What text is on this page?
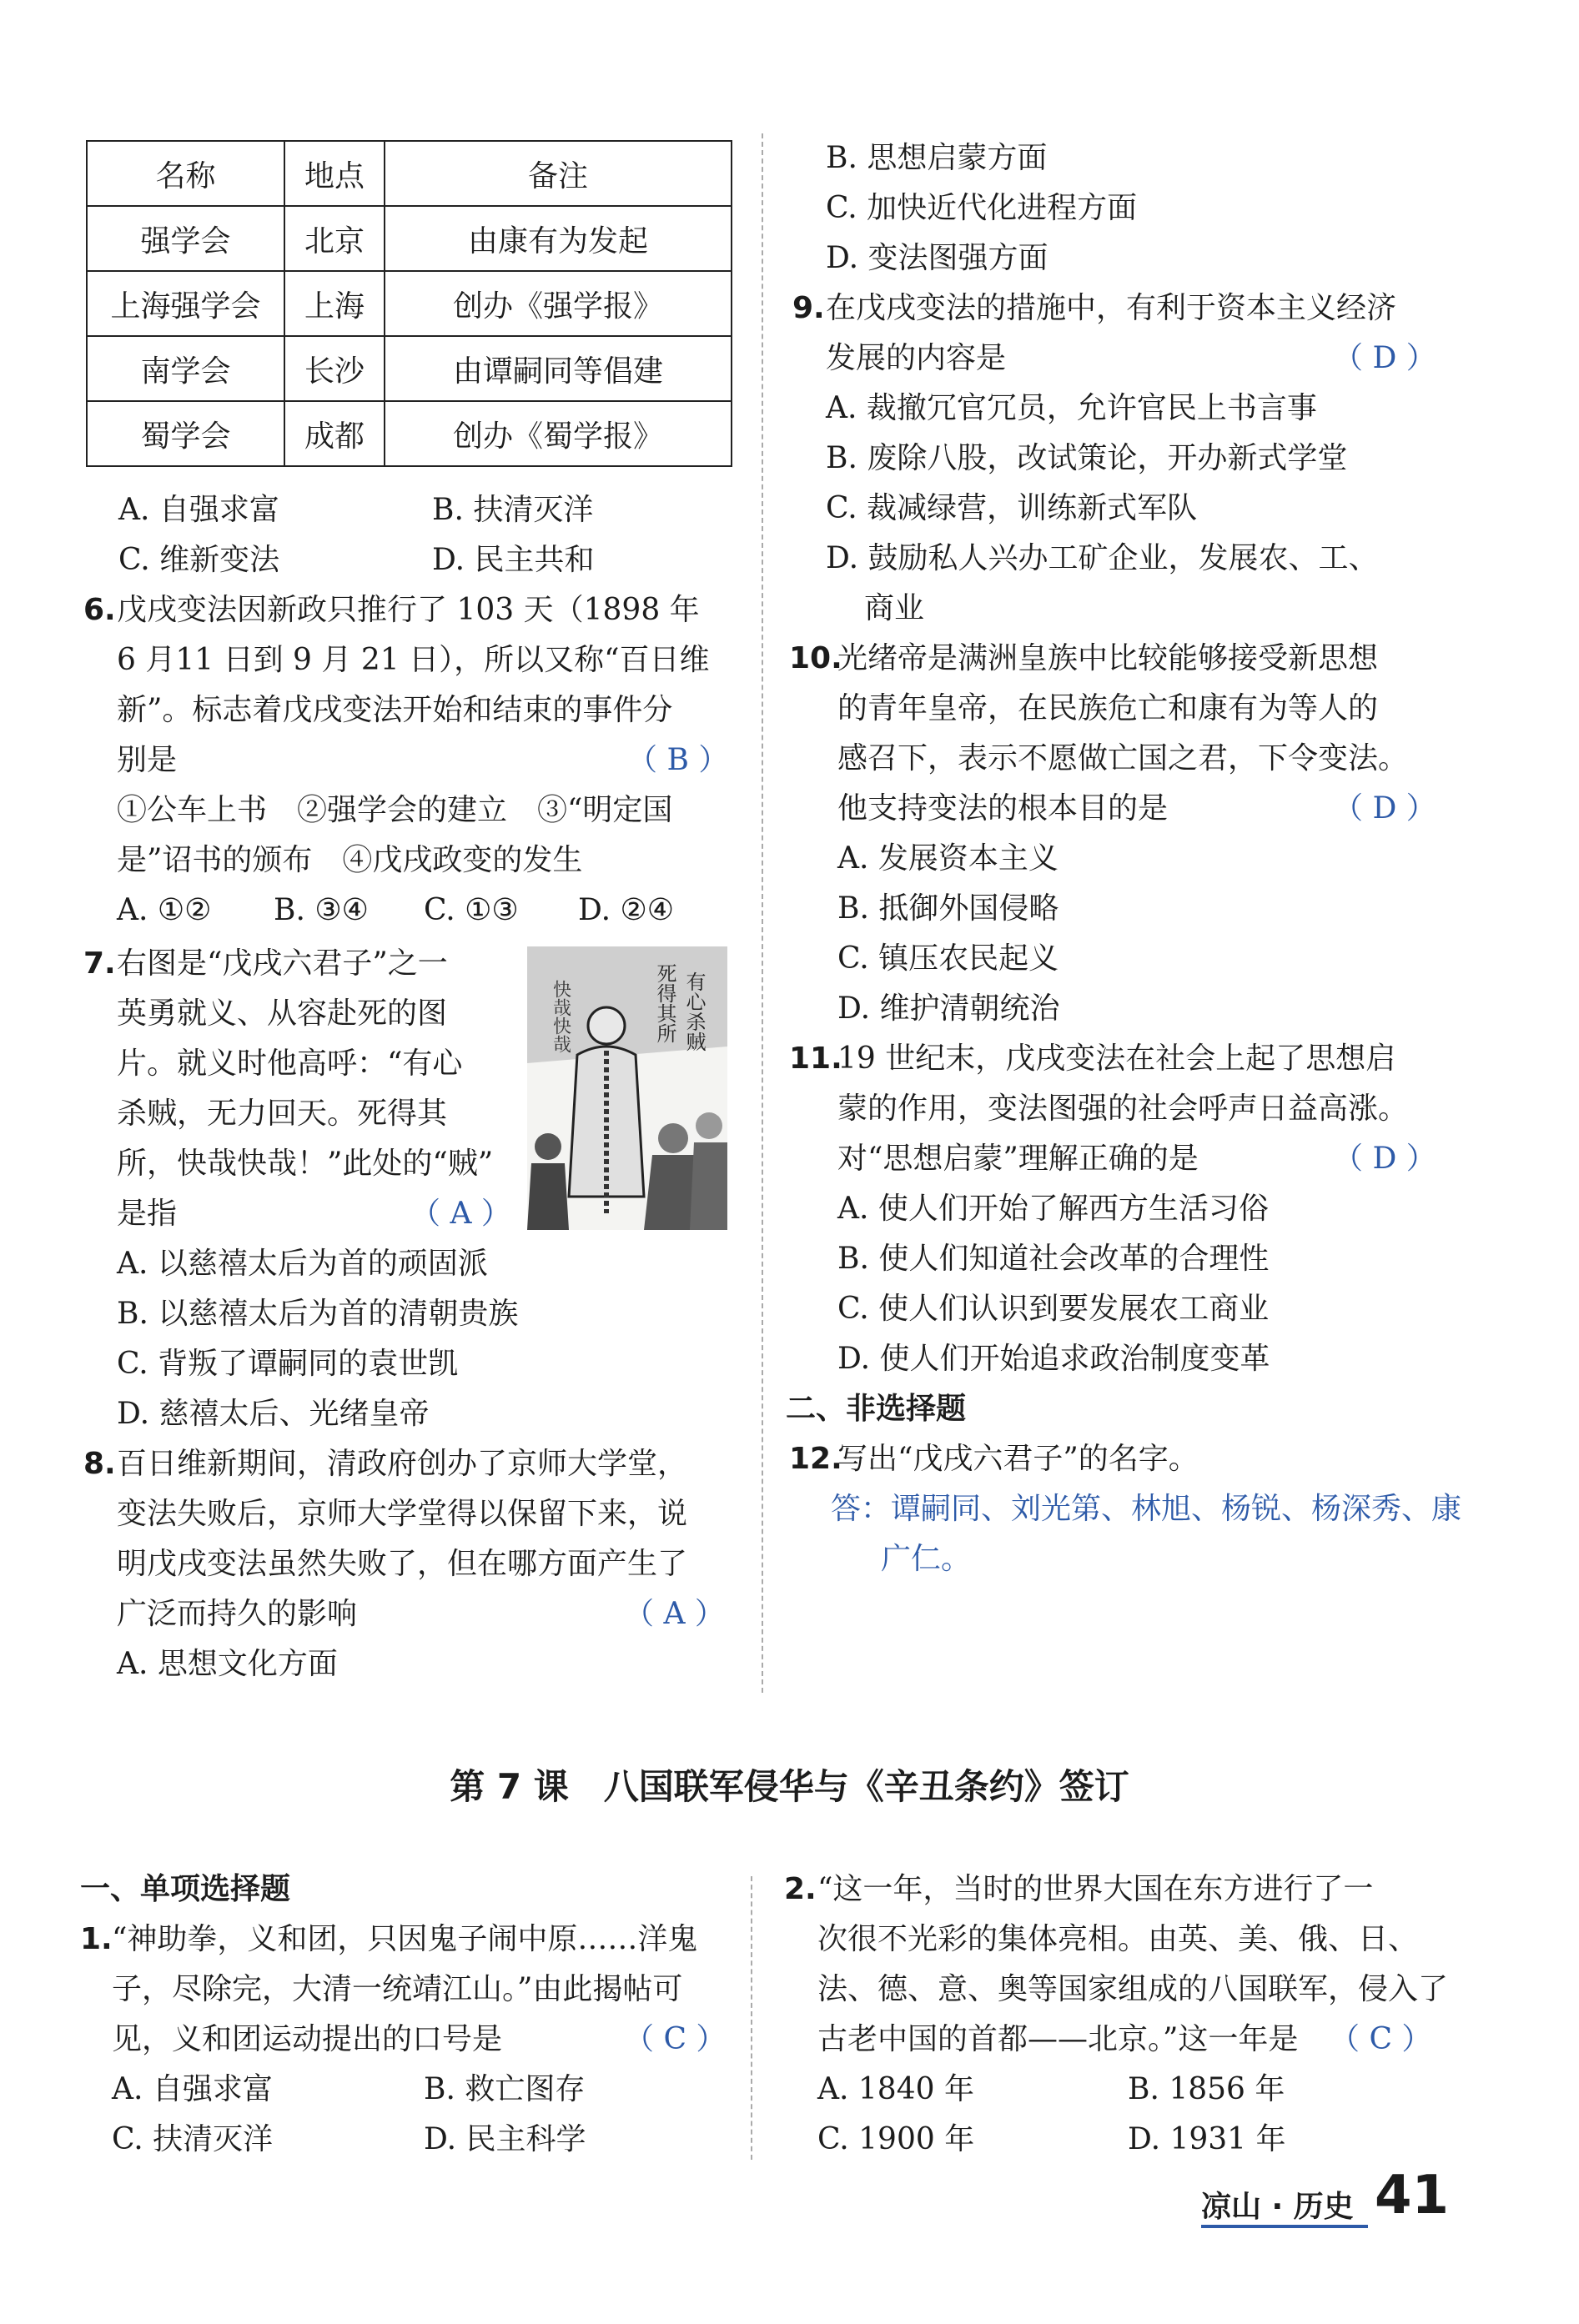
名称	地点	备注
强学会	北京	由康有为发起
上海强学会	上海	创办《强学报》
南学会	长沙	由谭嗣同等倡建
蜀学会	成都	创办《蜀学报》
A. 自强求富	B. 扶清灭洋
C. 维新变法	D. 民主共和
6. 戊戌变法因新政只推行了 103 天（1898 年
6 月11 日到 9 月 21 日），所以又称“百日维
新”。标志着戊戌变法开始和结束的事件分
别是	（ B ）
①公车上书　②强学会的建立　③“明定国
是”诏书的颁布　④戊戌政变的发生
A. ①② B. ③④ C. ①③ D. ②④
7. 右图是“戊戌六君子”之一
英勇就义、从容赴死的图
片。就义时他高呼：“有心
杀贼，无力回天。死得其
所，快哉快哉！”此处的“贼”
是指	（ A ）
有心杀贼
死得其所
快哉快哉
A. 以慈禧太后为首的顽固派
B. 以慈禧太后为首的清朝贵族
C. 背叛了谭嗣同的袁世凯
D. 慈禧太后、光绪皇帝
8. 百日维新期间，清政府创办了京师大学堂，
变法失败后，京师大学堂得以保留下来，说
明戊戌变法虽然失败了，但在哪方面产生了
广泛而持久的影响	（ A ）
A. 思想文化方面
B. 思想启蒙方面
C. 加快近代化进程方面
D. 变法图强方面
9. 在戊戌变法的措施中，有利于资本主义经济
发展的内容是	（ D ）
A. 裁撤冗官冗员，允许官民上书言事
B. 废除八股，改试策论，开办新式学堂
C. 裁减绿营，训练新式军队
D. 鼓励私人兴办工矿企业，发展农、工、
商业
10.
光绪帝是满洲皇族中比较能够接受新思想
的青年皇帝，在民族危亡和康有为等人的
感召下，表示不愿做亡国之君，下令变法。
他支持变法的根本目的是	（ D ）
A. 发展资本主义
B. 抵御外国侵略
C. 镇压农民起义
D. 维护清朝统治
11.
19 世纪末，戊戌变法在社会上起了思想启
蒙的作用，变法图强的社会呼声日益高涨。
对“思想启蒙”理解正确的是	（ D ）
A. 使人们开始了解西方生活习俗
B. 使人们知道社会改革的合理性
C. 使人们认识到要发展农工商业
D. 使人们开始追求政治制度变革
二、非选择题
12.
写出“戊戌六君子”的名字。
答：谭嗣同、刘光第、林旭、杨锐、杨深秀、康
广仁。
第 7 课　八国联军侵华与《辛丑条约》签订
一、单项选择题
1. “神助拳，义和团，只因鬼子闹中原……洋鬼
子，尽除完，大清一统靖江山。”由此揭帖可
见，义和团运动提出的口号是	（ C ）
A. 自强求富	B. 救亡图存
C. 扶清灭洋	D. 民主科学
2. “这一年，当时的世界大国在东方进行了一
次很不光彩的集体亮相。由英、美、俄、日、
法、德、意、奥等国家组成的八国联军，侵入了
古老中国的首都——北京。”这一年是 （ C ）
A. 1840 年	B. 1856 年
C. 1900 年	D. 1931 年
凉山 · 历史 41
